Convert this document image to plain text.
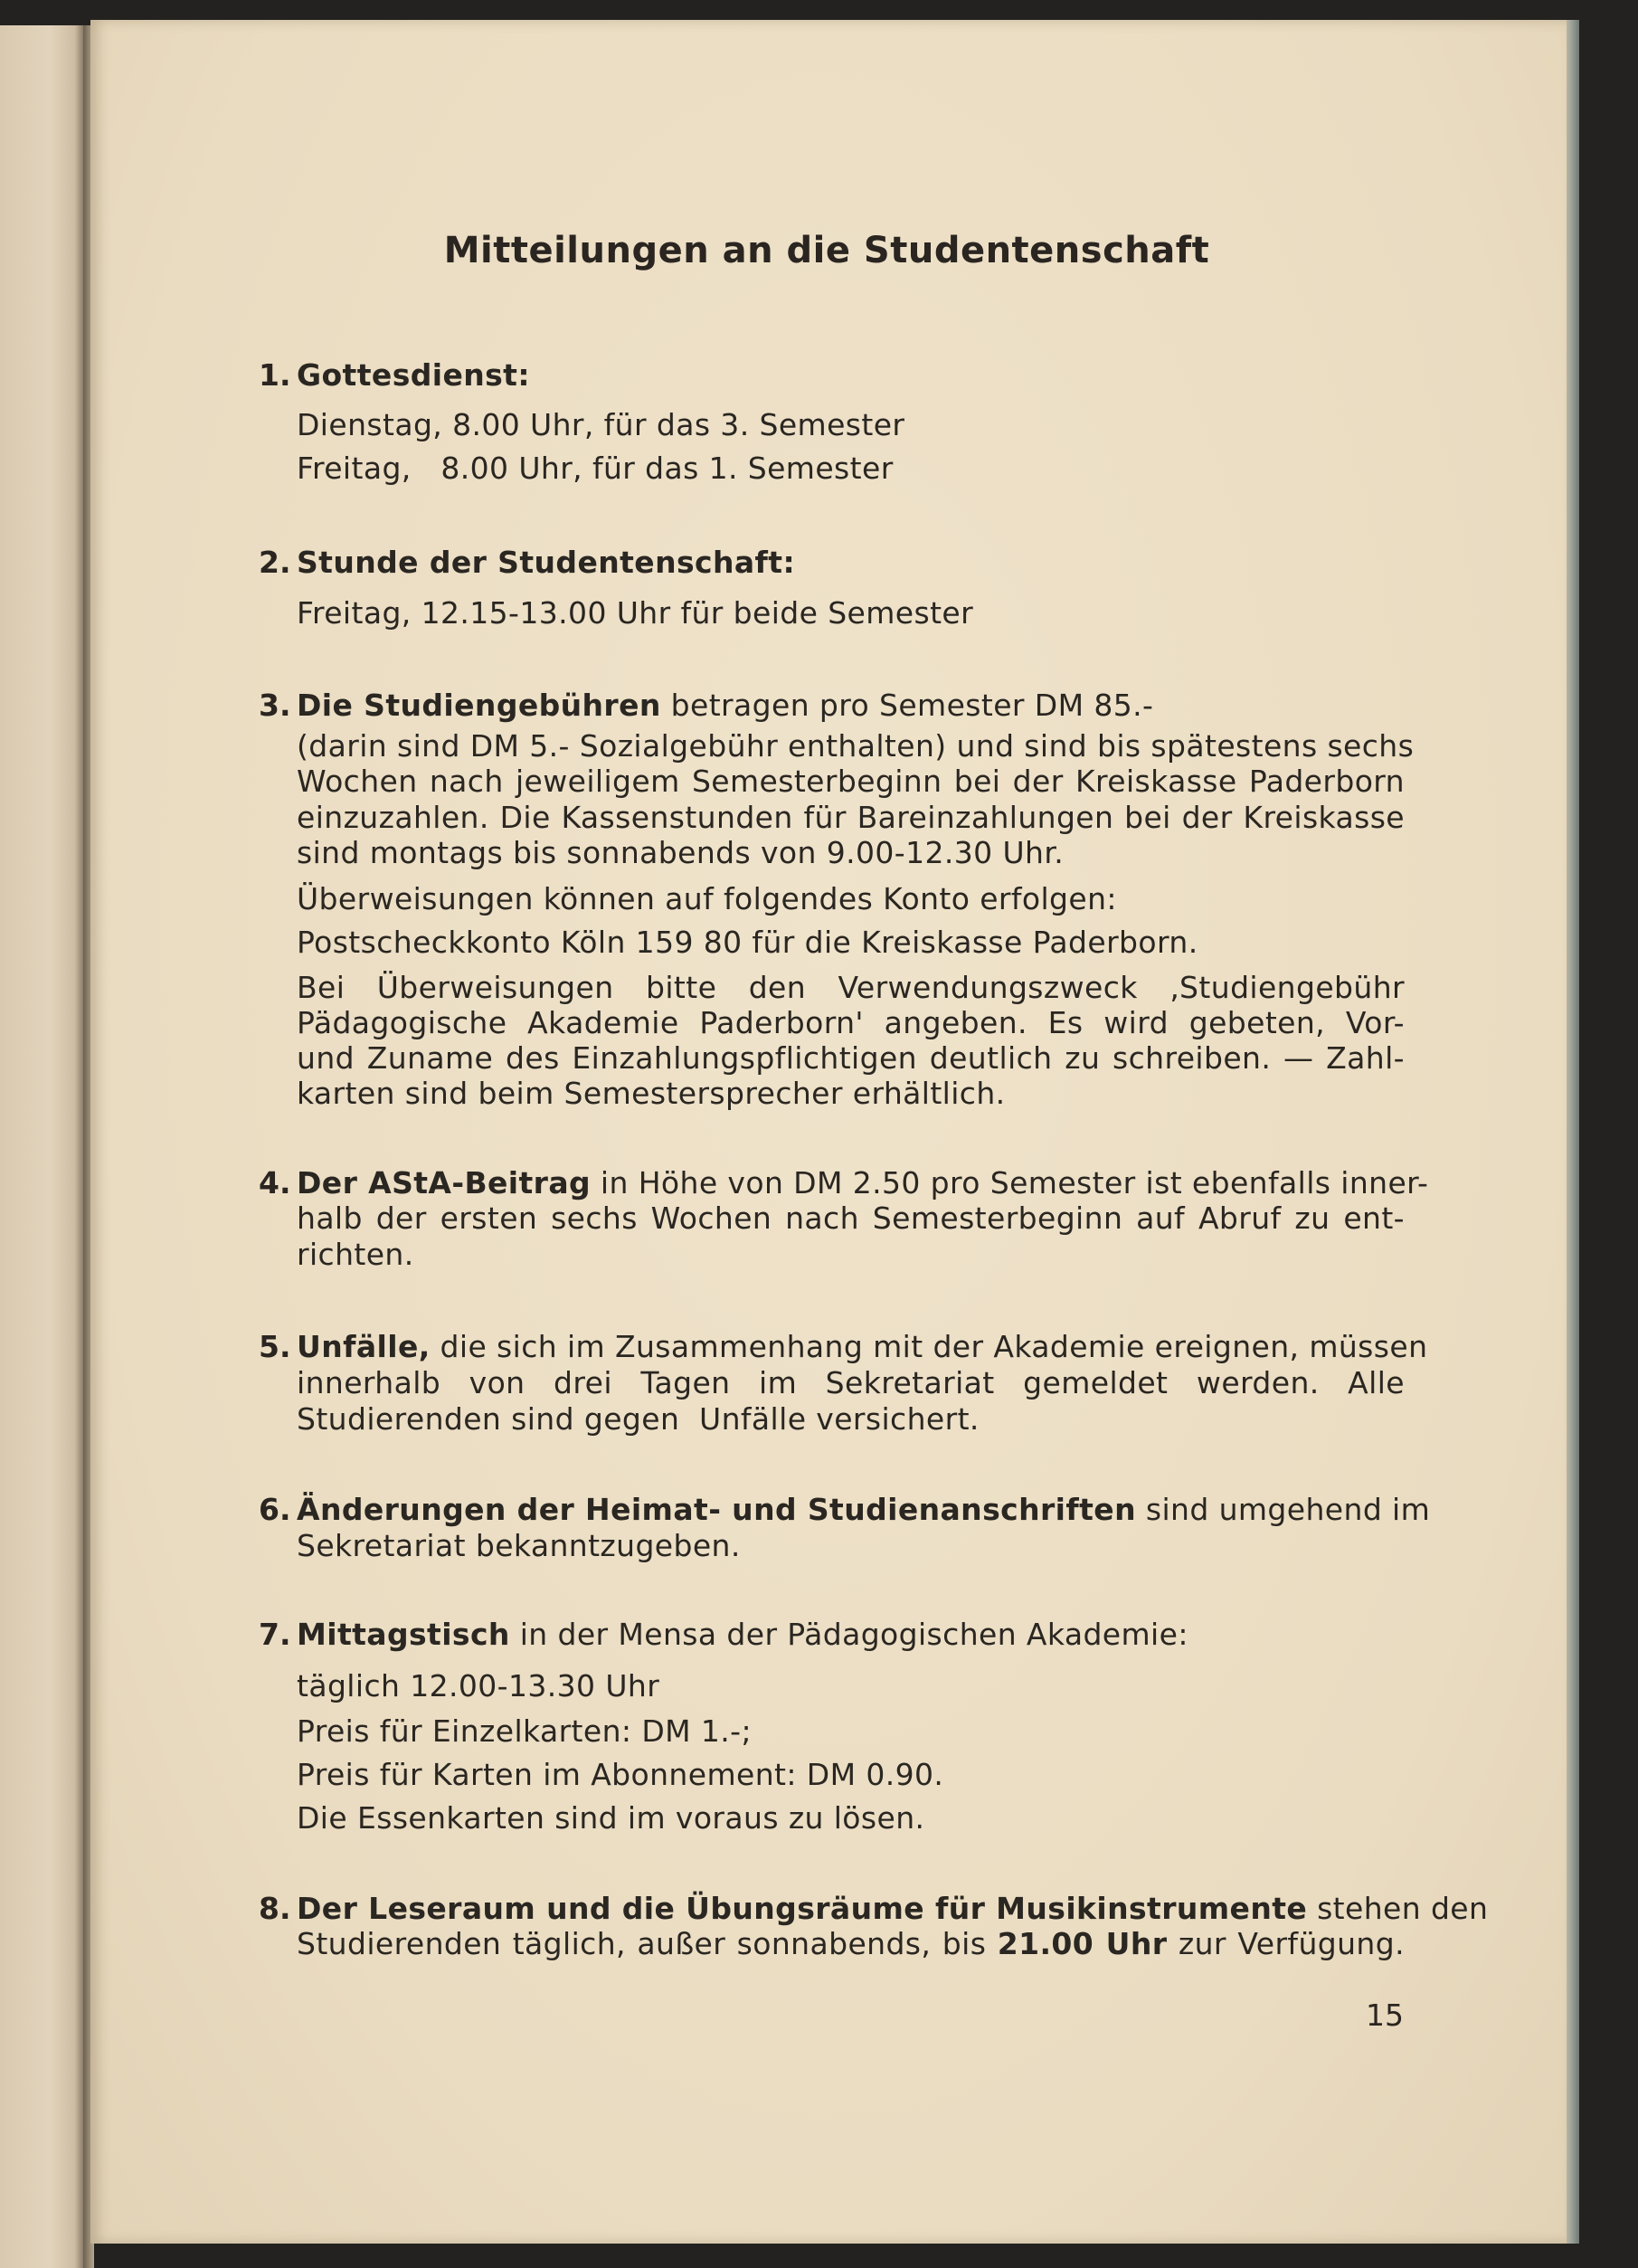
Mitteilungen an die Studentenschaft
1. Gottesdienst:
Dienstag, 8.00 Uhr, für das 3. Semester
Freitag,   8.00 Uhr, für das 1. Semester
2. Stunde der Studentenschaft:
Freitag, 12.15-13.00 Uhr für beide Semester
3. Die Studiengebühren betragen pro Semester DM 85.-
(darin sind DM 5.- Sozialgebühr enthalten) und sind bis spätestens sechs
Wochen nach jeweiligem Semesterbeginn bei der Kreiskasse Paderborn
einzuzahlen. Die Kassenstunden für Bareinzahlungen bei der Kreiskasse
sind montags bis sonnabends von 9.00-12.30 Uhr.
Überweisungen können auf folgendes Konto erfolgen:
Postscheckkonto Köln 159 80 für die Kreiskasse Paderborn.
Bei Überweisungen bitte den Verwendungszweck ‚Studiengebühr
Pädagogische Akademie Paderborn' angeben. Es wird gebeten, Vor-
und Zuname des Einzahlungspflichtigen deutlich zu schreiben. — Zahl-
karten sind beim Semestersprecher erhältlich.
4. Der AStA-Beitrag in Höhe von DM 2.50 pro Semester ist ebenfalls inner-
halb der ersten sechs Wochen nach Semesterbeginn auf Abruf zu ent-
richten.
5. Unfälle, die sich im Zusammenhang mit der Akademie ereignen, müssen
innerhalb von drei Tagen im Sekretariat gemeldet werden. Alle
Studierenden sind gegen  Unfälle versichert.
6. Änderungen der Heimat- und Studienanschriften sind umgehend im
Sekretariat bekanntzugeben.
7. Mittagstisch in der Mensa der Pädagogischen Akademie:
täglich 12.00-13.30 Uhr
Preis für Einzelkarten: DM 1.-;
Preis für Karten im Abonnement: DM 0.90.
Die Essenkarten sind im voraus zu lösen.
8. Der Leseraum und die Übungsräume für Musikinstrumente stehen den
Studierenden täglich, außer sonnabends, bis 21.00 Uhr zur Verfügung.
15
